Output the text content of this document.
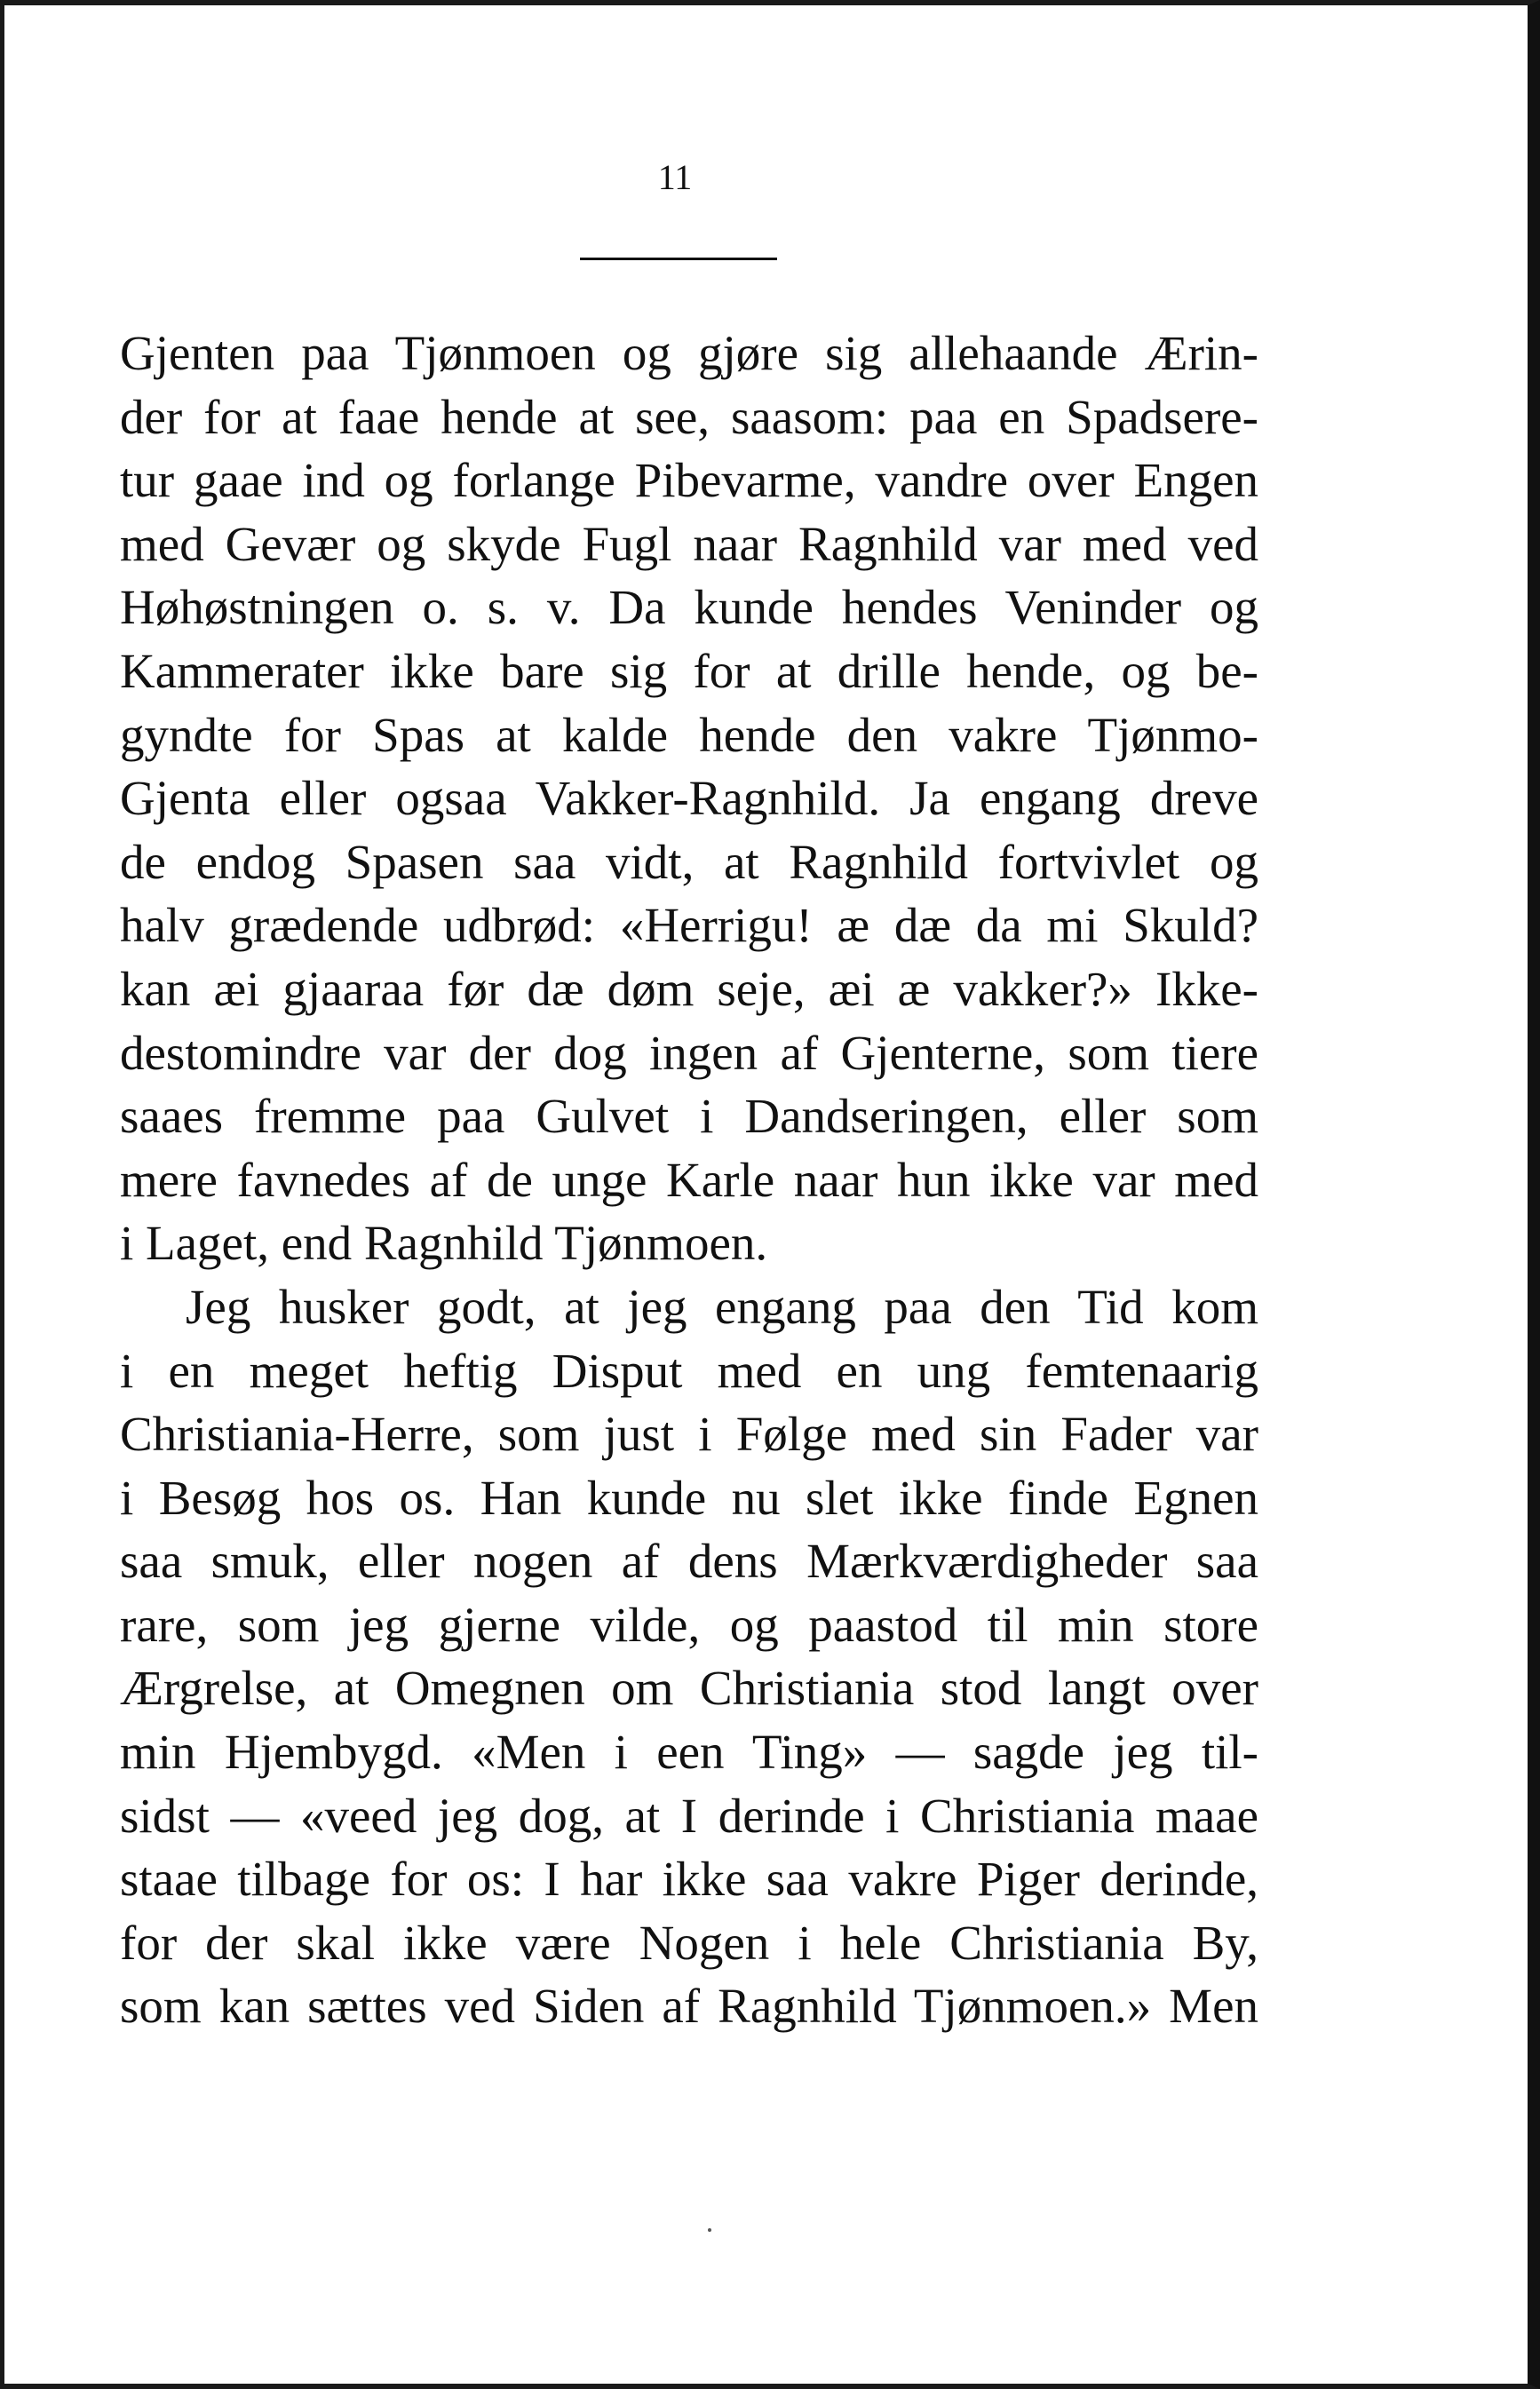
11
Gjenten paa Tjønmoen og gjøre sig allehaande Ærin-
der for at faae hende at see, saasom: paa en Spadsere-
tur gaae ind og forlange Pibevarme, vandre over Engen
med Gevær og skyde Fugl naar Ragnhild var med ved
Høhøstningen o. s. v. Da kunde hendes Veninder og
Kammerater ikke bare sig for at drille hende, og be-
gyndte for Spas at kalde hende den vakre Tjønmo-
Gjenta eller ogsaa Vakker-Ragnhild. Ja engang dreve
de endog Spasen saa vidt, at Ragnhild fortvivlet og
halv grædende udbrød: «Herrigu! æ dæ da mi Skuld?
kan æi gjaaraa før dæ døm seje, æi æ vakker?» Ikke-
destomindre var der dog ingen af Gjenterne, som tiere
saaes fremme paa Gulvet i Dandseringen, eller som
mere favnedes af de unge Karle naar hun ikke var med
i Laget, end Ragnhild Tjønmoen.
Jeg husker godt, at jeg engang paa den Tid kom
i en meget heftig Disput med en ung femtenaarig
Christiania-Herre, som just i Følge med sin Fader var
i Besøg hos os. Han kunde nu slet ikke finde Egnen
saa smuk, eller nogen af dens Mærkværdigheder saa
rare, som jeg gjerne vilde, og paastod til min store
Ærgrelse, at Omegnen om Christiania stod langt over
min Hjembygd. «Men i een Ting» — sagde jeg til-
sidst — «veed jeg dog, at I derinde i Christiania maae
staae tilbage for os: I har ikke saa vakre Piger derinde,
for der skal ikke være Nogen i hele Christiania By,
som kan sættes ved Siden af Ragnhild Tjønmoen.» Men
